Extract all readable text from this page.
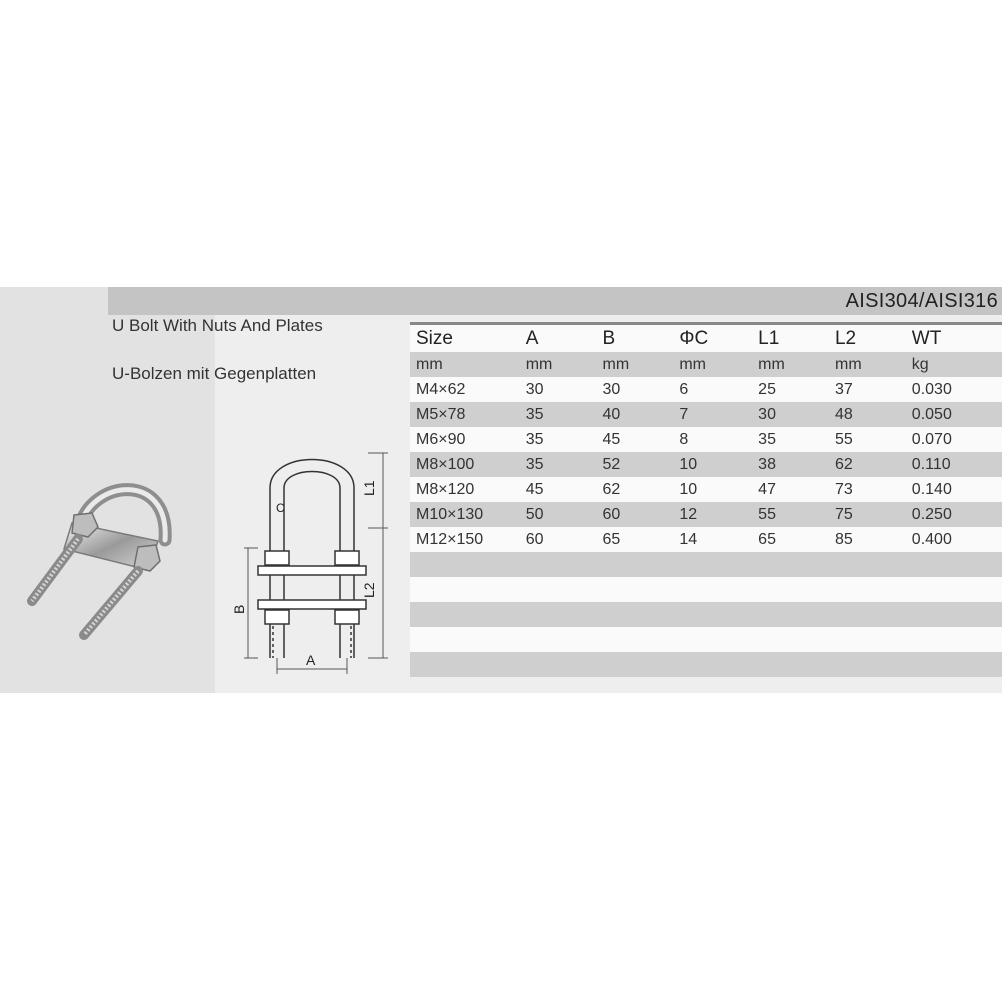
AISI304/AISI316
U Bolt With Nuts And Plates
U-Bolzen mit Gegenplatten
L1
L2
B
A
C
Size	A	B	ΦC	L1	L2	WT
mm	mm	mm	mm	mm	mm	kg
M4×62	30	30	6	25	37	0.030
M5×78	35	40	7	30	48	0.050
M6×90	35	45	8	35	55	0.070
M8×100	35	52	10	38	62	0.110
M8×120	45	62	10	47	73	0.140
M10×130	50	60	12	55	75	0.250
M12×150	60	65	14	65	85	0.400
